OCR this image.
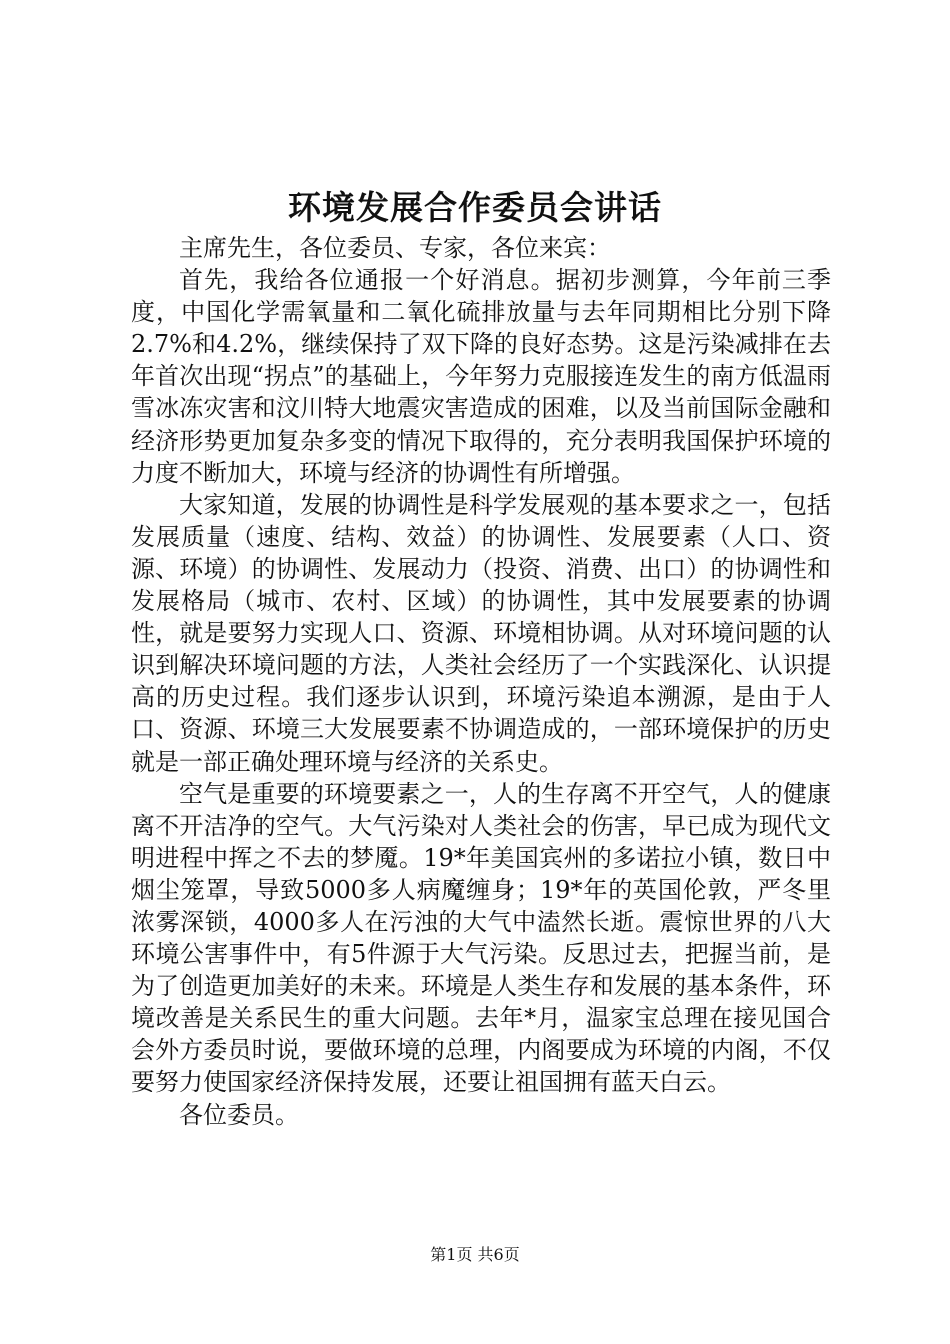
环境发展合作委员会讲话

主席先生，各位委员、专家，各位来宾：

首先，我给各位通报一个好消息。据初步测算，今年前三季度，中国化学需氧量和二氧化硫排放量与去年同期相比分别下降2.7%和4.2%，继续保持了双下降的良好态势。这是污染减排在去年首次出现“拐点”的基础上，今年努力克服接连发生的南方低温雨雪冰冻灾害和汶川特大地震灾害造成的困难，以及当前国际金融和经济形势更加复杂多变的情况下取得的，充分表明我国保护环境的力度不断加大，环境与经济的协调性有所增强。

大家知道，发展的协调性是科学发展观的基本要求之一，包括发展质量（速度、结构、效益）的协调性、发展要素（人口、资源、环境）的协调性、发展动力（投资、消费、出口）的协调性和发展格局（城市、农村、区域）的协调性，其中发展要素的协调性，就是要努力实现人口、资源、环境相协调。从对环境问题的认识到解决环境问题的方法，人类社会经历了一个实践深化、认识提高的历史过程。我们逐步认识到，环境污染追本溯源，是由于人口、资源、环境三大发展要素不协调造成的，一部环境保护的历史就是一部正确处理环境与经济的关系史。

空气是重要的环境要素之一，人的生存离不开空气，人的健康离不开洁净的空气。大气污染对人类社会的伤害，早已成为现代文明进程中挥之不去的梦魇。19*年美国宾州的多诺拉小镇，数日中烟尘笼罩，导致5000多人病魔缠身；19*年的英国伦敦，严冬里浓雾深锁，4000多人在污浊的大气中溘然长逝。震惊世界的八大环境公害事件中，有5件源于大气污染。反思过去，把握当前，是为了创造更加美好的未来。环境是人类生存和发展的基本条件，环境改善是关系民生的重大问题。去年*月，温家宝总理在接见国合会外方委员时说，要做环境的总理，内阁要成为环境的内阁，不仅要努力使国家经济保持发展，还要让祖国拥有蓝天白云。

各位委员。

第1页 共6页
